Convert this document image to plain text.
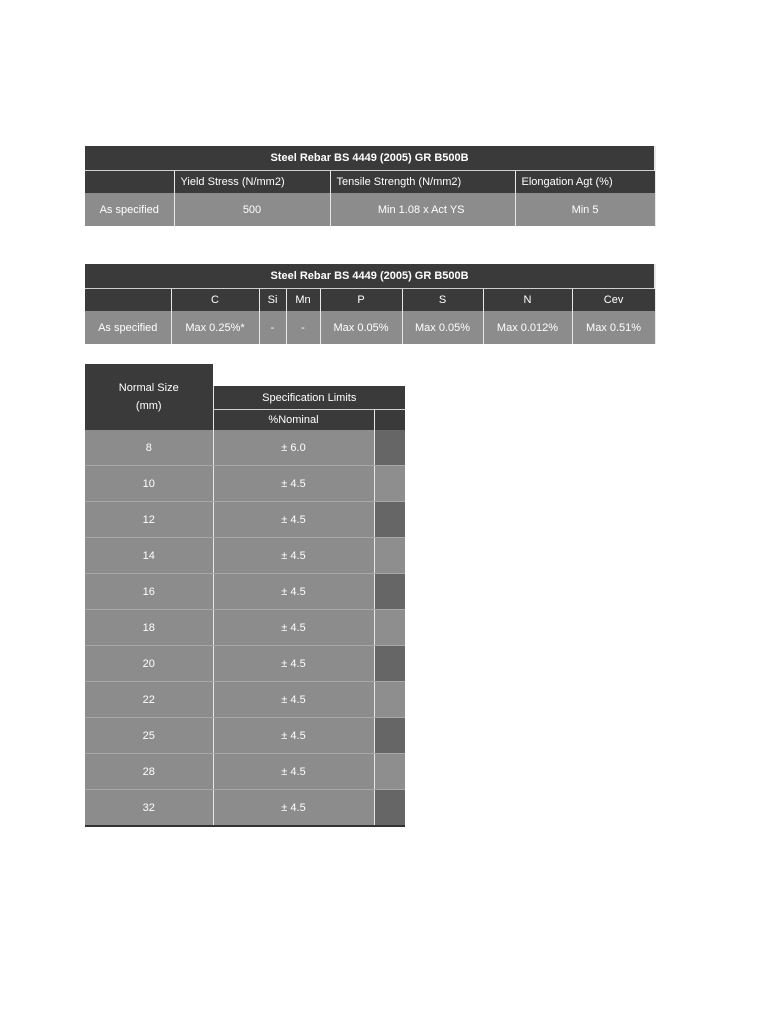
Steel Rebar BS 4449 (2005) GR B500B			
	Yield Stress (N/mm2)	Tensile Strength (N/mm2)	Elongation Agt (%)
As specified	500	Min 1.08 x Act YS	Min 5
Steel Rebar BS 4449 (2005) GR B500B							
	C	Si	Mn	P	S	N	Cev
As specified	Max 0.25%*	-	-	Max 0.05%	Max 0.05%	Max 0.012%	Max 0.51%
Normal Size
(mm)		

	Specification Limits	
	%Nominal	
8	± 6.0	
10	± 4.5	
12	± 4.5	
14	± 4.5	
16	± 4.5	
18	± 4.5	
20	± 4.5	
22	± 4.5	
25	± 4.5	
28	± 4.5	
32	± 4.5	
